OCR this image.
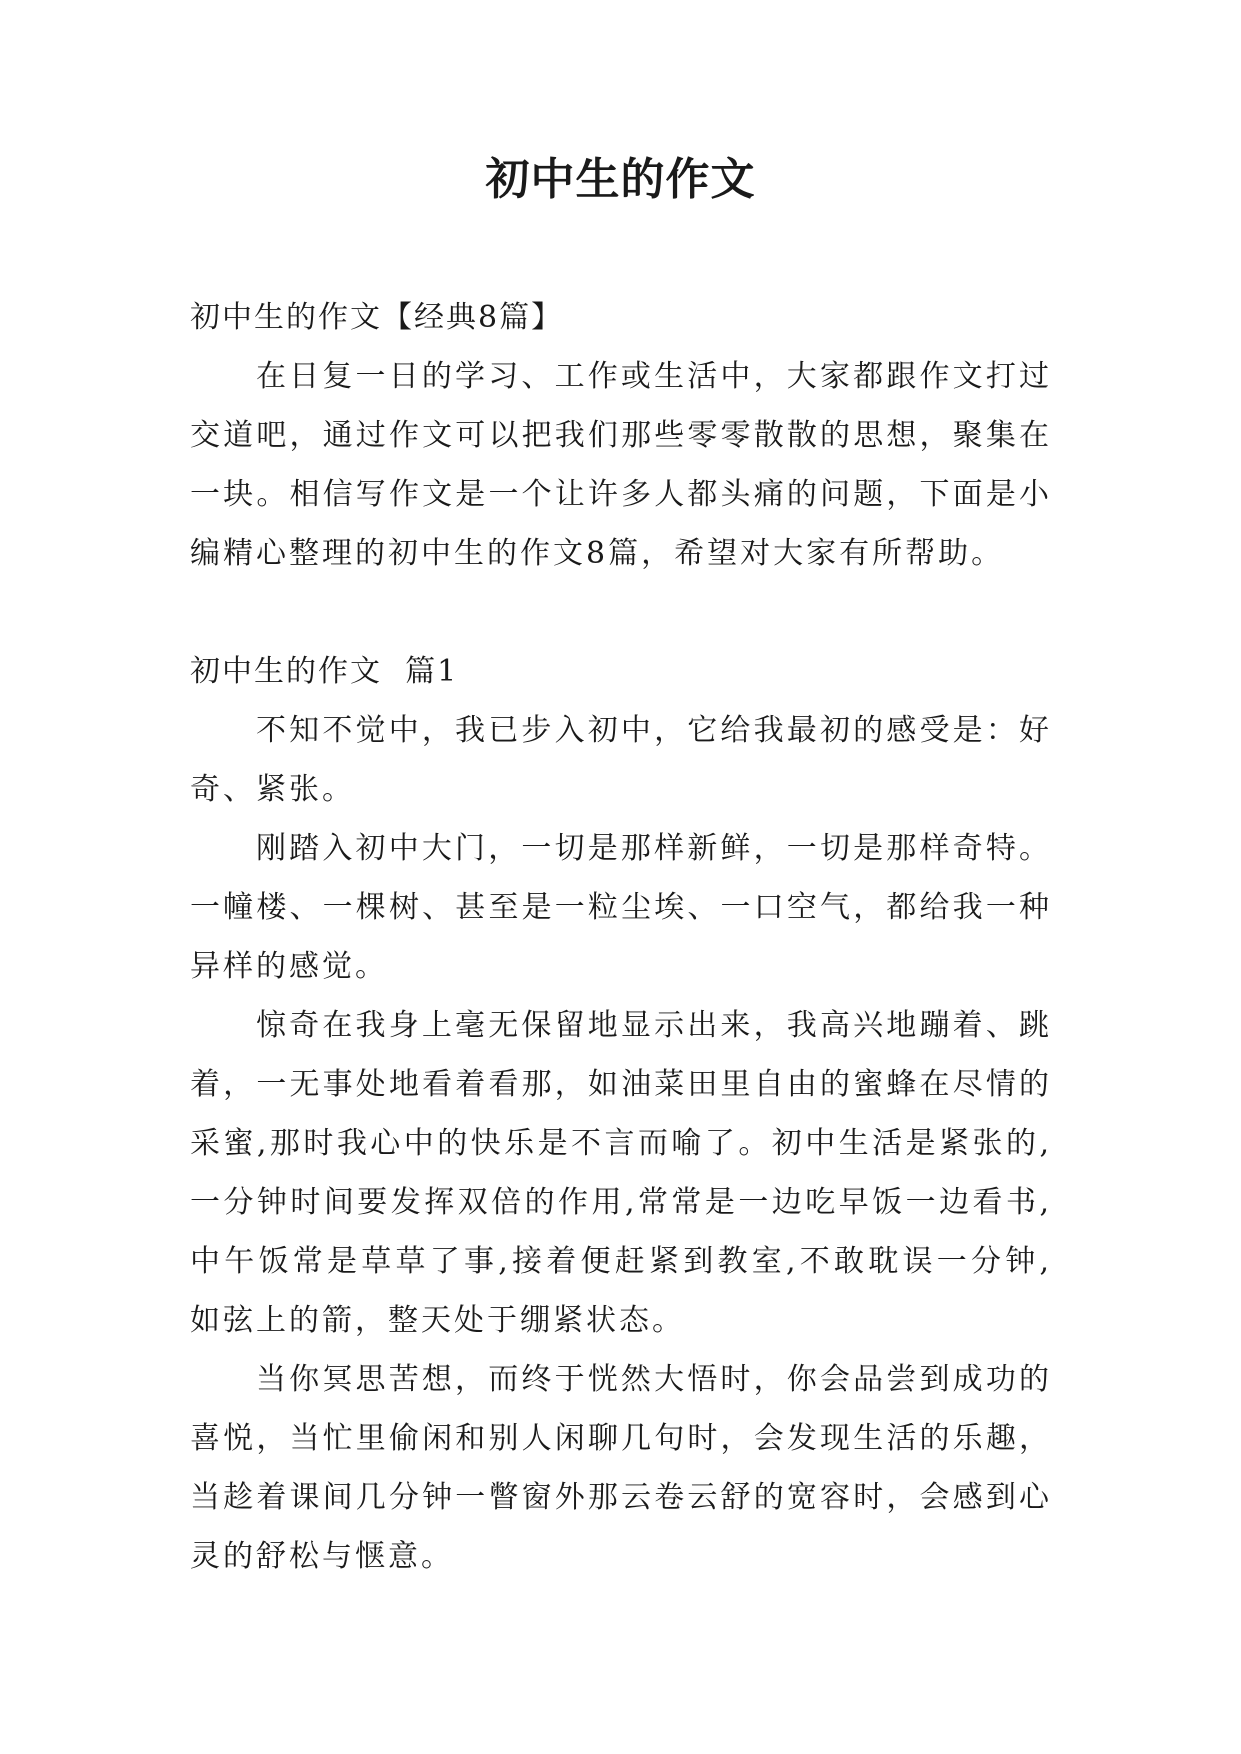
初中生的作文

初中生的作文【经典8篇】

在日复一日的学习、工作或生活中，大家都跟作文打过交道吧，通过作文可以把我们那些零零散散的思想，聚集在一块。相信写作文是一个让许多人都头痛的问题，下面是小编精心整理的初中生的作文8篇，希望对大家有所帮助。

初中生的作文  篇1

不知不觉中，我已步入初中，它给我最初的感受是：好奇、紧张。

刚踏入初中大门，一切是那样新鲜，一切是那样奇特。一幢楼、一棵树、甚至是一粒尘埃、一口空气，都给我一种异样的感觉。

惊奇在我身上毫无保留地显示出来，我高兴地蹦着、跳着，一无事处地看着看那，如油菜田里自由的蜜蜂在尽情的采蜜,那时我心中的快乐是不言而喻了。初中生活是紧张的,一分钟时间要发挥双倍的作用,常常是一边吃早饭一边看书,中午饭常是草草了事,接着便赶紧到教室,不敢耽误一分钟,如弦上的箭，整天处于绷紧状态。

当你冥思苦想，而终于恍然大悟时，你会品尝到成功的喜悦，当忙里偷闲和别人闲聊几句时，会发现生活的乐趣，当趁着课间几分钟一瞥窗外那云卷云舒的宽容时，会感到心灵的舒松与惬意。
